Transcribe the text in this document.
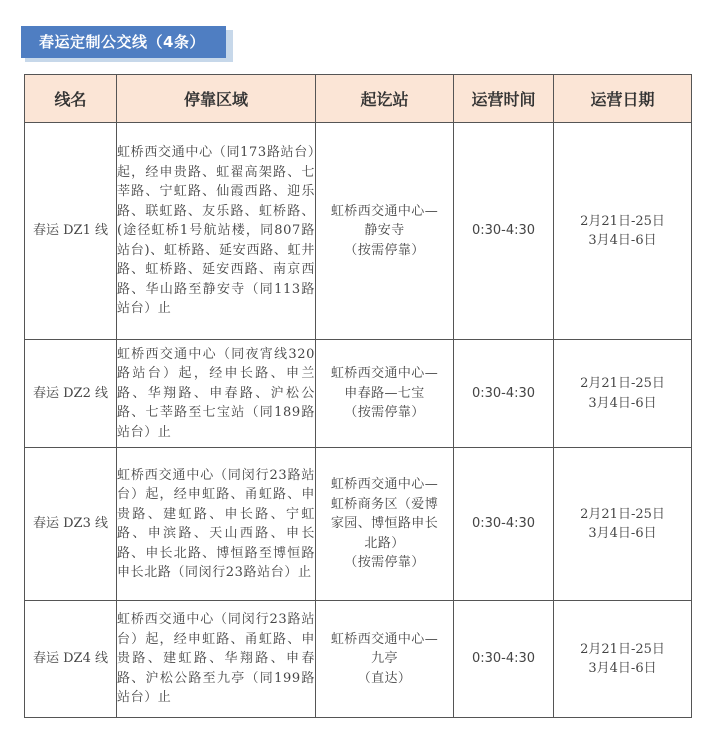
春运定制公交线（4条）
线名	停靠区域	起讫站	运营时间	运营日期
春运 DZ1 线	虹桥西交通中心（同173路站台）起，经申贵路、虹翟高架路、七莘路、宁虹路、仙霞西路、迎乐路、联虹路、友乐路、虹桥路、(途径虹桥1号航站楼，同807路站台)、虹桥路、延安西路、虹井路、虹桥路、延安西路、南京西路、华山路至静安寺（同113路站台）止	虹桥西交通中心—
静安寺
（按需停靠）	0:30-4:30	2月21日-25日
3月4日-6日

春运 DZ2 线	虹桥西交通中心（同夜宵线320路站台）起，经申长路、申兰路、华翔路、申春路、沪松公路、七莘路至七宝站（同189路站台）止	虹桥西交通中心—
申春路—七宝
（按需停靠）	0:30-4:30	2月21日-25日
3月4日-6日

春运 DZ3 线	虹桥西交通中心（同闵行23路站台）起，经申虹路、甬虹路、申贵路、建虹路、申长路、宁虹路、申滨路、天山西路、申长路、申长北路、博恒路至博恒路申长北路（同闵行23路站台）止	虹桥西交通中心—
虹桥商务区（爱博
家园、博恒路申长
北路）
（按需停靠）	0:30-4:30	2月21日-25日
3月4日-6日

春运 DZ4 线	虹桥西交通中心（同闵行23路站台）起，经申虹路、甬虹路、申贵路、建虹路、华翔路、申春路、沪松公路至九亭（同199路站台）止	虹桥西交通中心—
九亭
（直达）	0:30-4:30	2月21日-25日
3月4日-6日
